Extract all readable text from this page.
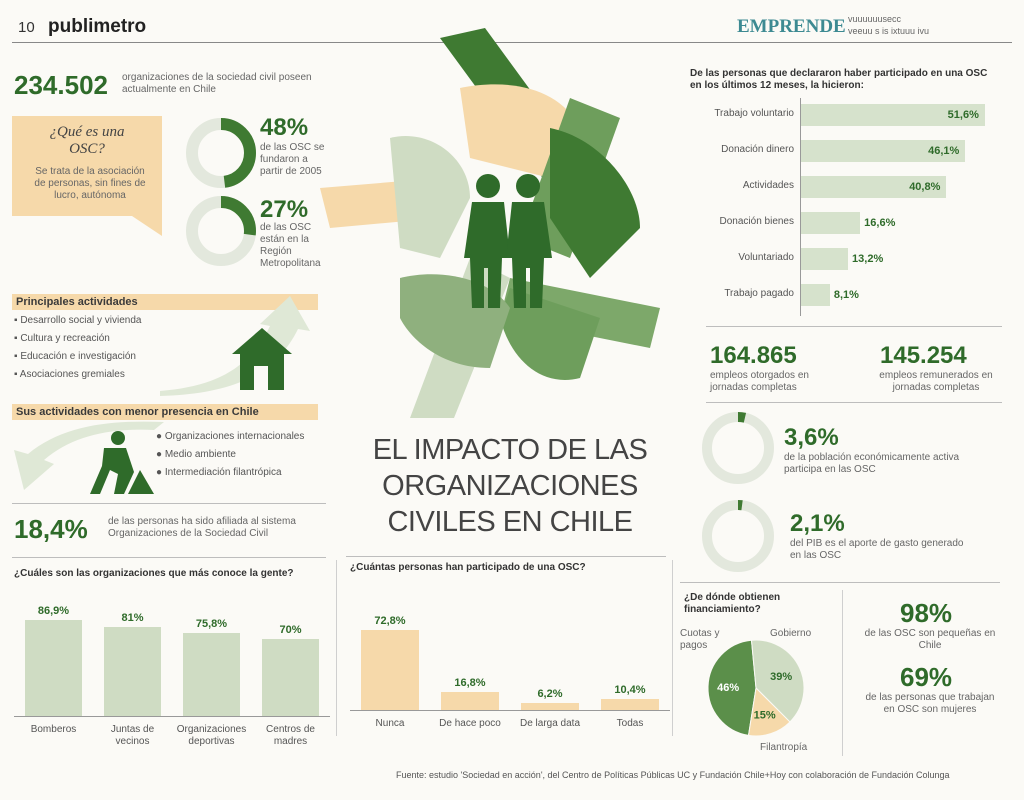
10 publimetro	EMPRENDE vuuuuuusecc
veeuu s is ixtuuu ivu
234.502 organizaciones de la sociedad civil poseen actualmente en Chile
¿Qué es una OSC?
Se trata de la asociación de personas, sin fines de lucro, autónoma
48%
de las OSC se fundaron a partir de 2005
27%
de las OSC están en la Región Metropolitana
Principales actividades
▪ Desarrollo social y vivienda
▪ Cultura y recreación
▪ Educación e investigación
▪ Asociaciones gremiales
Sus actividades con menor presencia en Chile
● Organizaciones internacionales
● Medio ambiente
● Intermediación filantrópica
18,4% de las personas ha sido afiliada al sistema Organizaciones de la Sociedad Civil
EL IMPACTO DE LAS
ORGANIZACIONES
CIVILES EN CHILE
De las personas que declararon haber participado en una OSC en los últimos 12 meses, la hicieron:
51,6%
46,1%
40,8%
16,6%
13,2%
8,1%
Trabajo voluntario
Donación dinero
Actividades
Donación bienes
Voluntariado
Trabajo pagado
164.865
empleos otorgados en jornadas completas
145.254
empleos remunerados en jornadas completas
3,6%
de la población económicamente activa participa en las OSC
2,1%
del PIB es el aporte de gasto generado en las OSC
¿Cuáles son las organizaciones que más conoce la gente?
86,9%
Bomberos
81%
Juntas de vecinos
75,8%
Organizaciones deportivas
70%
Centros de madres
¿Cuántas personas han participado de una OSC?
72,8%
Nunca
16,8%
De hace poco
6,2%
De larga data
10,4%
Todas
¿De dónde obtienen financiamiento?
46%
39%
15%
Cuotas y pagos
Gobierno
Filantropía
98%
de las OSC son pequeñas en Chile
69%
de las personas que trabajan en OSC son mujeres
Fuente: estudio 'Sociedad en acción', del Centro de Políticas Públicas UC y Fundación Chile+Hoy con colaboración de Fundación Colunga
